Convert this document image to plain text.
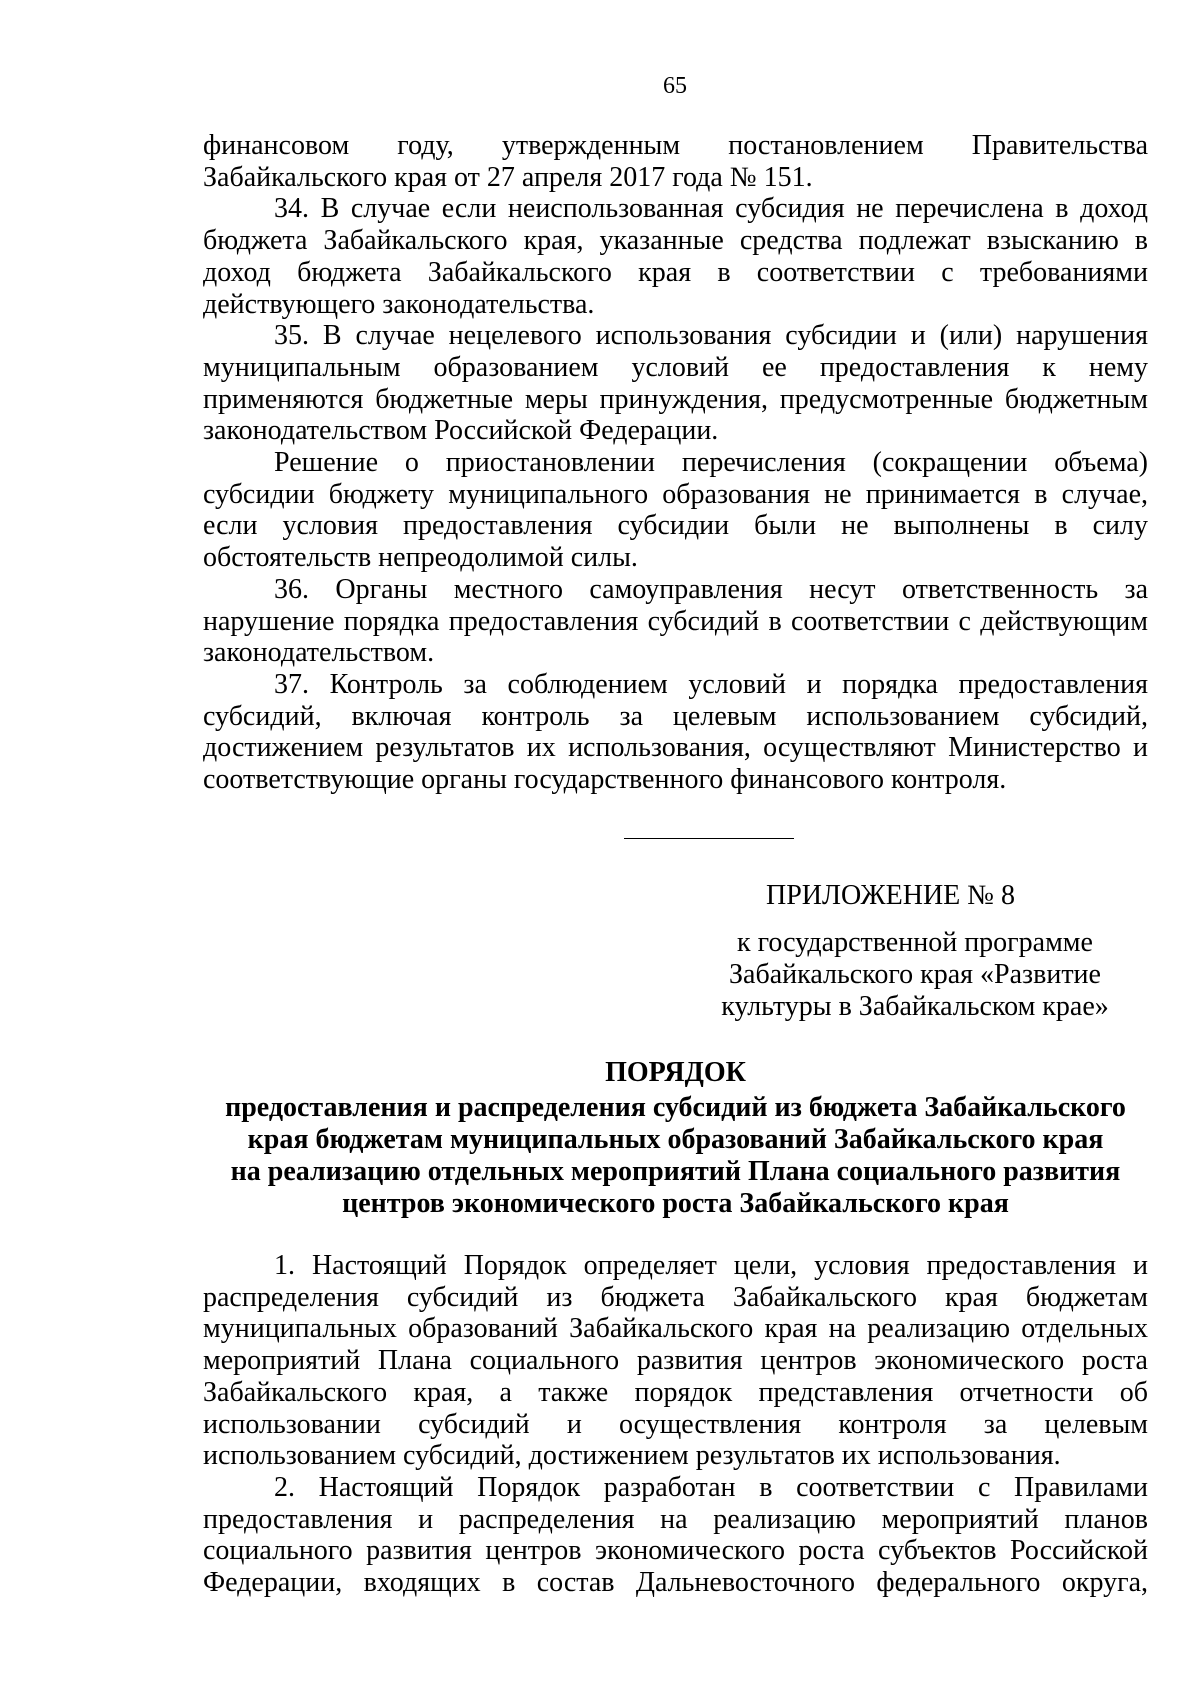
65

финансовом году, утвержденным постановлением Правительства Забайкальского края от 27 апреля 2017 года № 151.

34. В случае если неиспользованная субсидия не перечислена в доход бюджета Забайкальского края, указанные средства подлежат взысканию в доход бюджета Забайкальского края в соответствии с требованиями действующего законодательства.

35. В случае нецелевого использования субсидии и (или) нарушения муниципальным образованием условий ее предоставления к нему применяются бюджетные меры принуждения, предусмотренные бюджетным законодательством Российской Федерации.

Решение о приостановлении перечисления (сокращении объема) субсидии бюджету муниципального образования не принимается в случае, если условия предоставления субсидии были не выполнены в силу обстоятельств непреодолимой силы.

36. Органы местного самоуправления несут ответственность за нарушение порядка предоставления субсидий в соответствии с действующим законодательством.

37. Контроль за соблюдением условий и порядка предоставления субсидий, включая контроль за целевым использованием субсидий, достижением результатов их использования, осуществляют Министерство и соответствующие органы государственного финансового контроля.

ПРИЛОЖЕНИЕ № 8
к государственной программе
Забайкальского края «Развитие
культуры в Забайкальском крае»
ПОРЯДОК
предоставления и распределения субсидий из бюджета Забайкальского
края бюджетам муниципальных образований Забайкальского края
на реализацию отдельных мероприятий Плана социального развития
центров экономического роста Забайкальского края

1. Настоящий Порядок определяет цели, условия предоставления и распределения субсидий из бюджета Забайкальского края бюджетам муниципальных образований Забайкальского края на реализацию отдельных мероприятий Плана социального развития центров экономического роста Забайкальского края, а также порядок представления отчетности об использовании субсидий и осуществления контроля за целевым использованием субсидий, достижением результатов их использования.

2. Настоящий Порядок разработан в соответствии с Правилами предоставления и распределения на реализацию мероприятий планов социального развития центров экономического роста субъектов Российской Федерации, входящих в состав Дальневосточного федерального округа,
